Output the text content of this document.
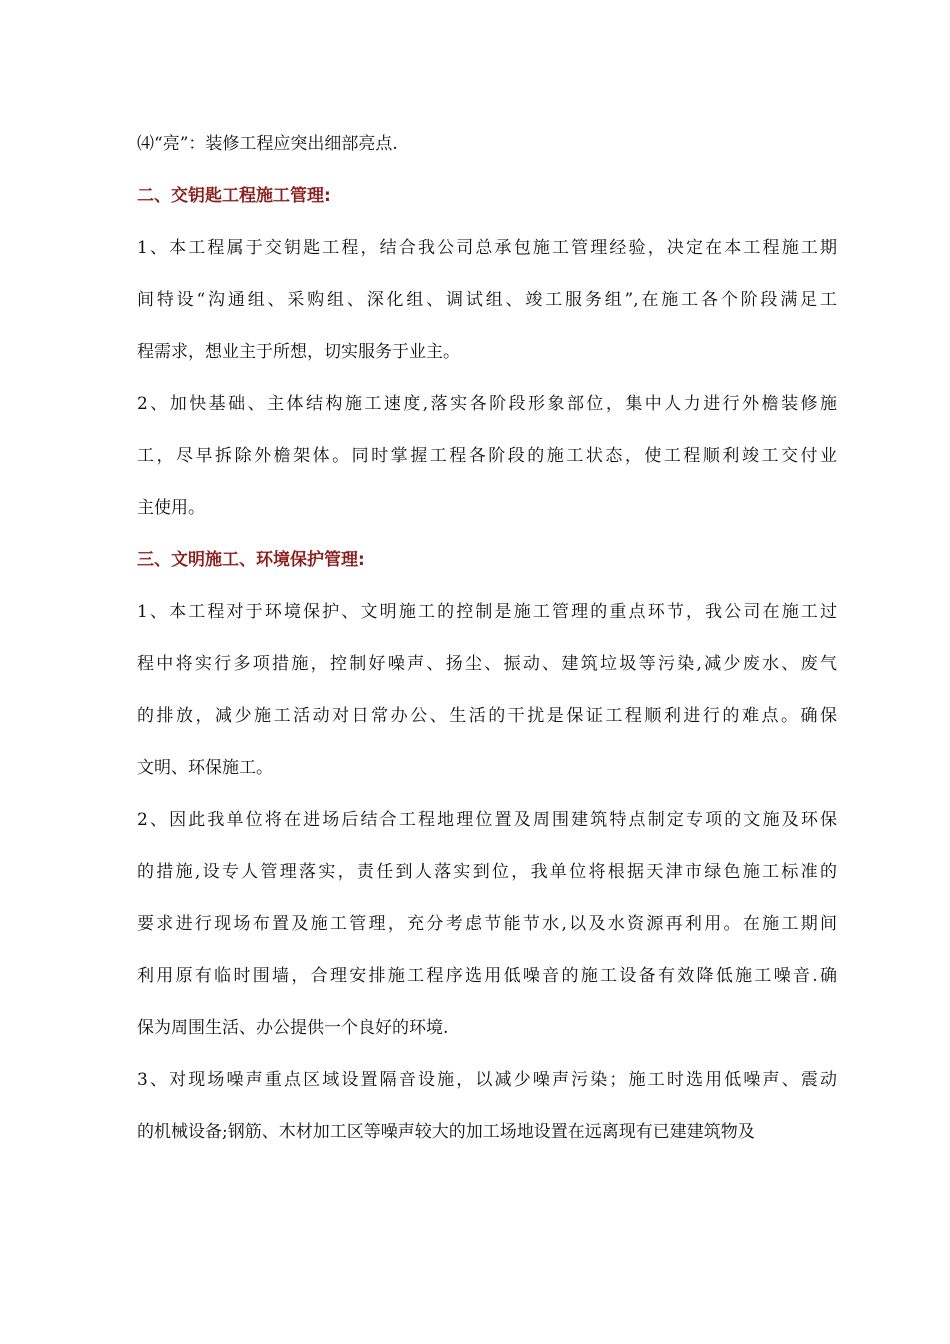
⑷“亮”：装修工程应突出细部亮点.
二、交钥匙工程施工管理:
1、本工程属于交钥匙工程，结合我公司总承包施工管理经验，决定在本工程施工期
间特设“沟通组、采购组、深化组、调试组、竣工服务组”,在施工各个阶段满足工
程需求，想业主于所想，切实服务于业主。
2、加快基础、主体结构施工速度,落实各阶段形象部位，集中人力进行外檐装修施
工，尽早拆除外檐架体。同时掌握工程各阶段的施工状态，使工程顺利竣工交付业
主使用。
三、文明施工、环境保护管理:
1、本工程对于环境保护、文明施工的控制是施工管理的重点环节，我公司在施工过
程中将实行多项措施，控制好噪声、扬尘、振动、建筑垃圾等污染,减少废水、废气
的排放，减少施工活动对日常办公、生活的干扰是保证工程顺利进行的难点。确保
文明、环保施工。
2、因此我单位将在进场后结合工程地理位置及周围建筑特点制定专项的文施及环保
的措施,设专人管理落实，责任到人落实到位，我单位将根据天津市绿色施工标准的
要求进行现场布置及施工管理，充分考虑节能节水,以及水资源再利用。在施工期间
利用原有临时围墙，合理安排施工程序选用低噪音的施工设备有效降低施工噪音.确
保为周围生活、办公提供一个良好的环境.
3、对现场噪声重点区域设置隔音设施，以减少噪声污染；施工时选用低噪声、震动
的机械设备;钢筋、木材加工区等噪声较大的加工场地设置在远离现有已建建筑物及
